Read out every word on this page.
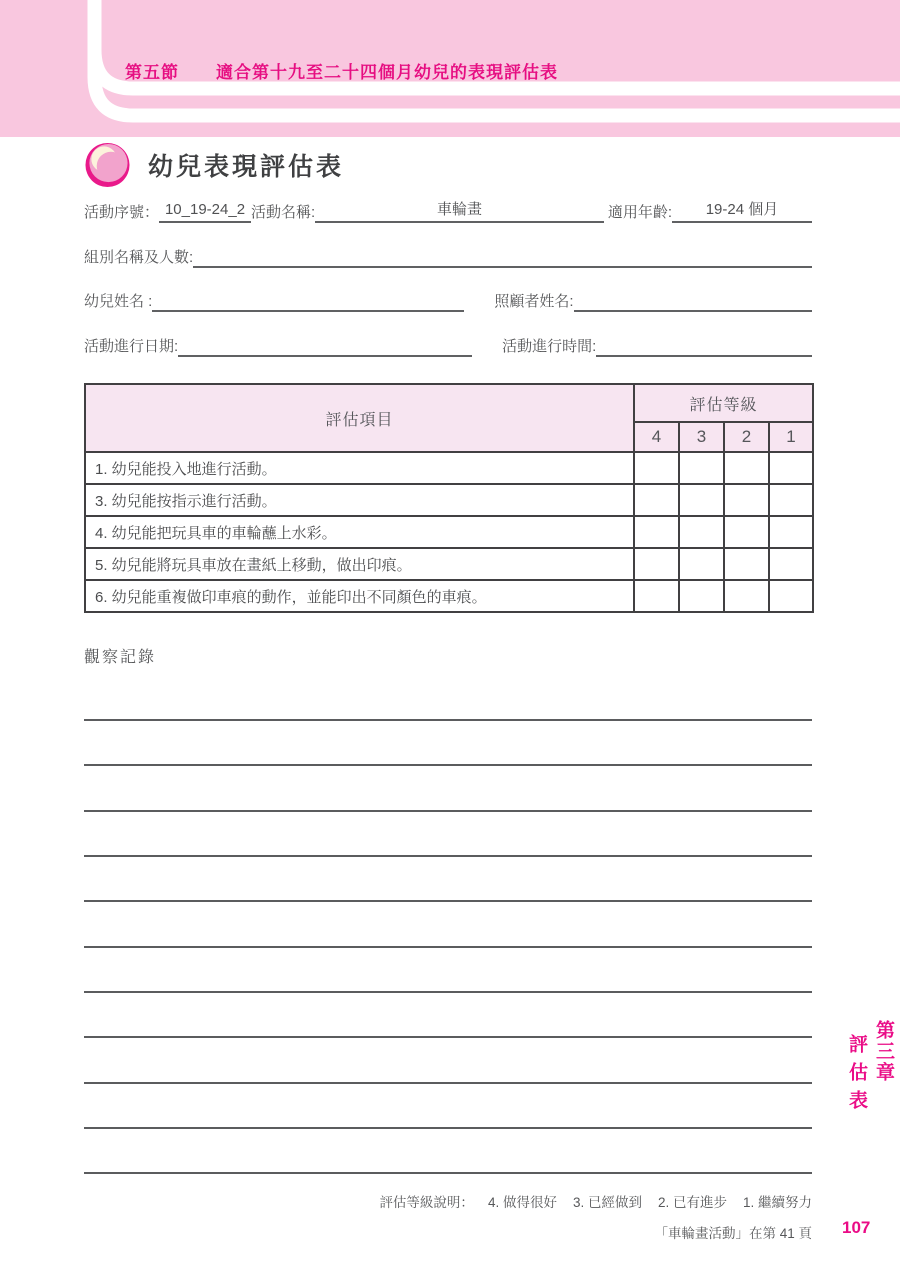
第五節 適合第十九至二十四個月幼兒的表現評估表
幼兒表現評估表
活動序號： 10_19-24_2 活動名稱:	車輪畫	適用年齡:	19-24 個月
組別名稱及人數:
幼兒姓名 :	照顧者姓名:
活動進行日期:	活動進行時間:
評估項目	評估等級			
	4	3	2	1
1. 幼兒能投入地進行活動。				
3. 幼兒能按指示進行活動。				
4. 幼兒能把玩具車的車輪蘸上水彩。				
5. 幼兒能將玩具車放在畫紙上移動，做出印痕。				
6. 幼兒能重複做印車痕的動作，並能印出不同顏色的車痕。				
觀察記錄
評估等級說明： 4. 做得很好 3. 已經做到 2. 已有進步 1. 繼續努力
「車輪畫活動」在第 41 頁 107
第三章
評估表
